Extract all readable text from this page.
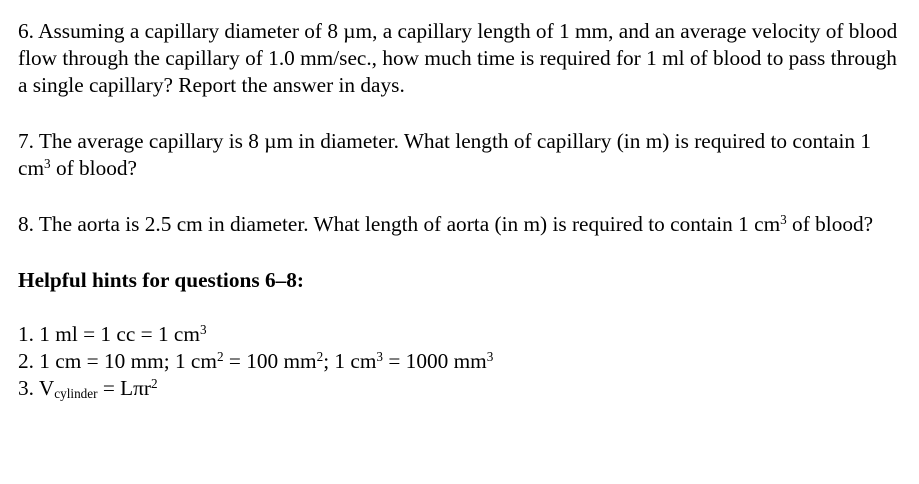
6. Assuming a capillary diameter of 8 µm, a capillary length of 1 mm, and an average velocity of blood flow through the capillary of 1.0 mm/sec., how much time is required for 1 ml of blood to pass through a single capillary? Report the answer in days.

7. The average capillary is 8 µm in diameter. What length of capillary (in m) is required to contain 1 $cm^3$ of blood?

8. The aorta is 2.5 cm in diameter. What length of aorta (in m) is required to contain 1 $cm^3$ of blood?

Helpful hints for questions 6–8:

1. 1 ml = 1 cc = 1 $cm^3$

2. 1 cm = 10 mm; 1 $cm^2 = 100$ $mm^2$; 1 $cm^3 = 1000$ $mm^3$

3. $V_{cylinder} = L\pi r^2$
